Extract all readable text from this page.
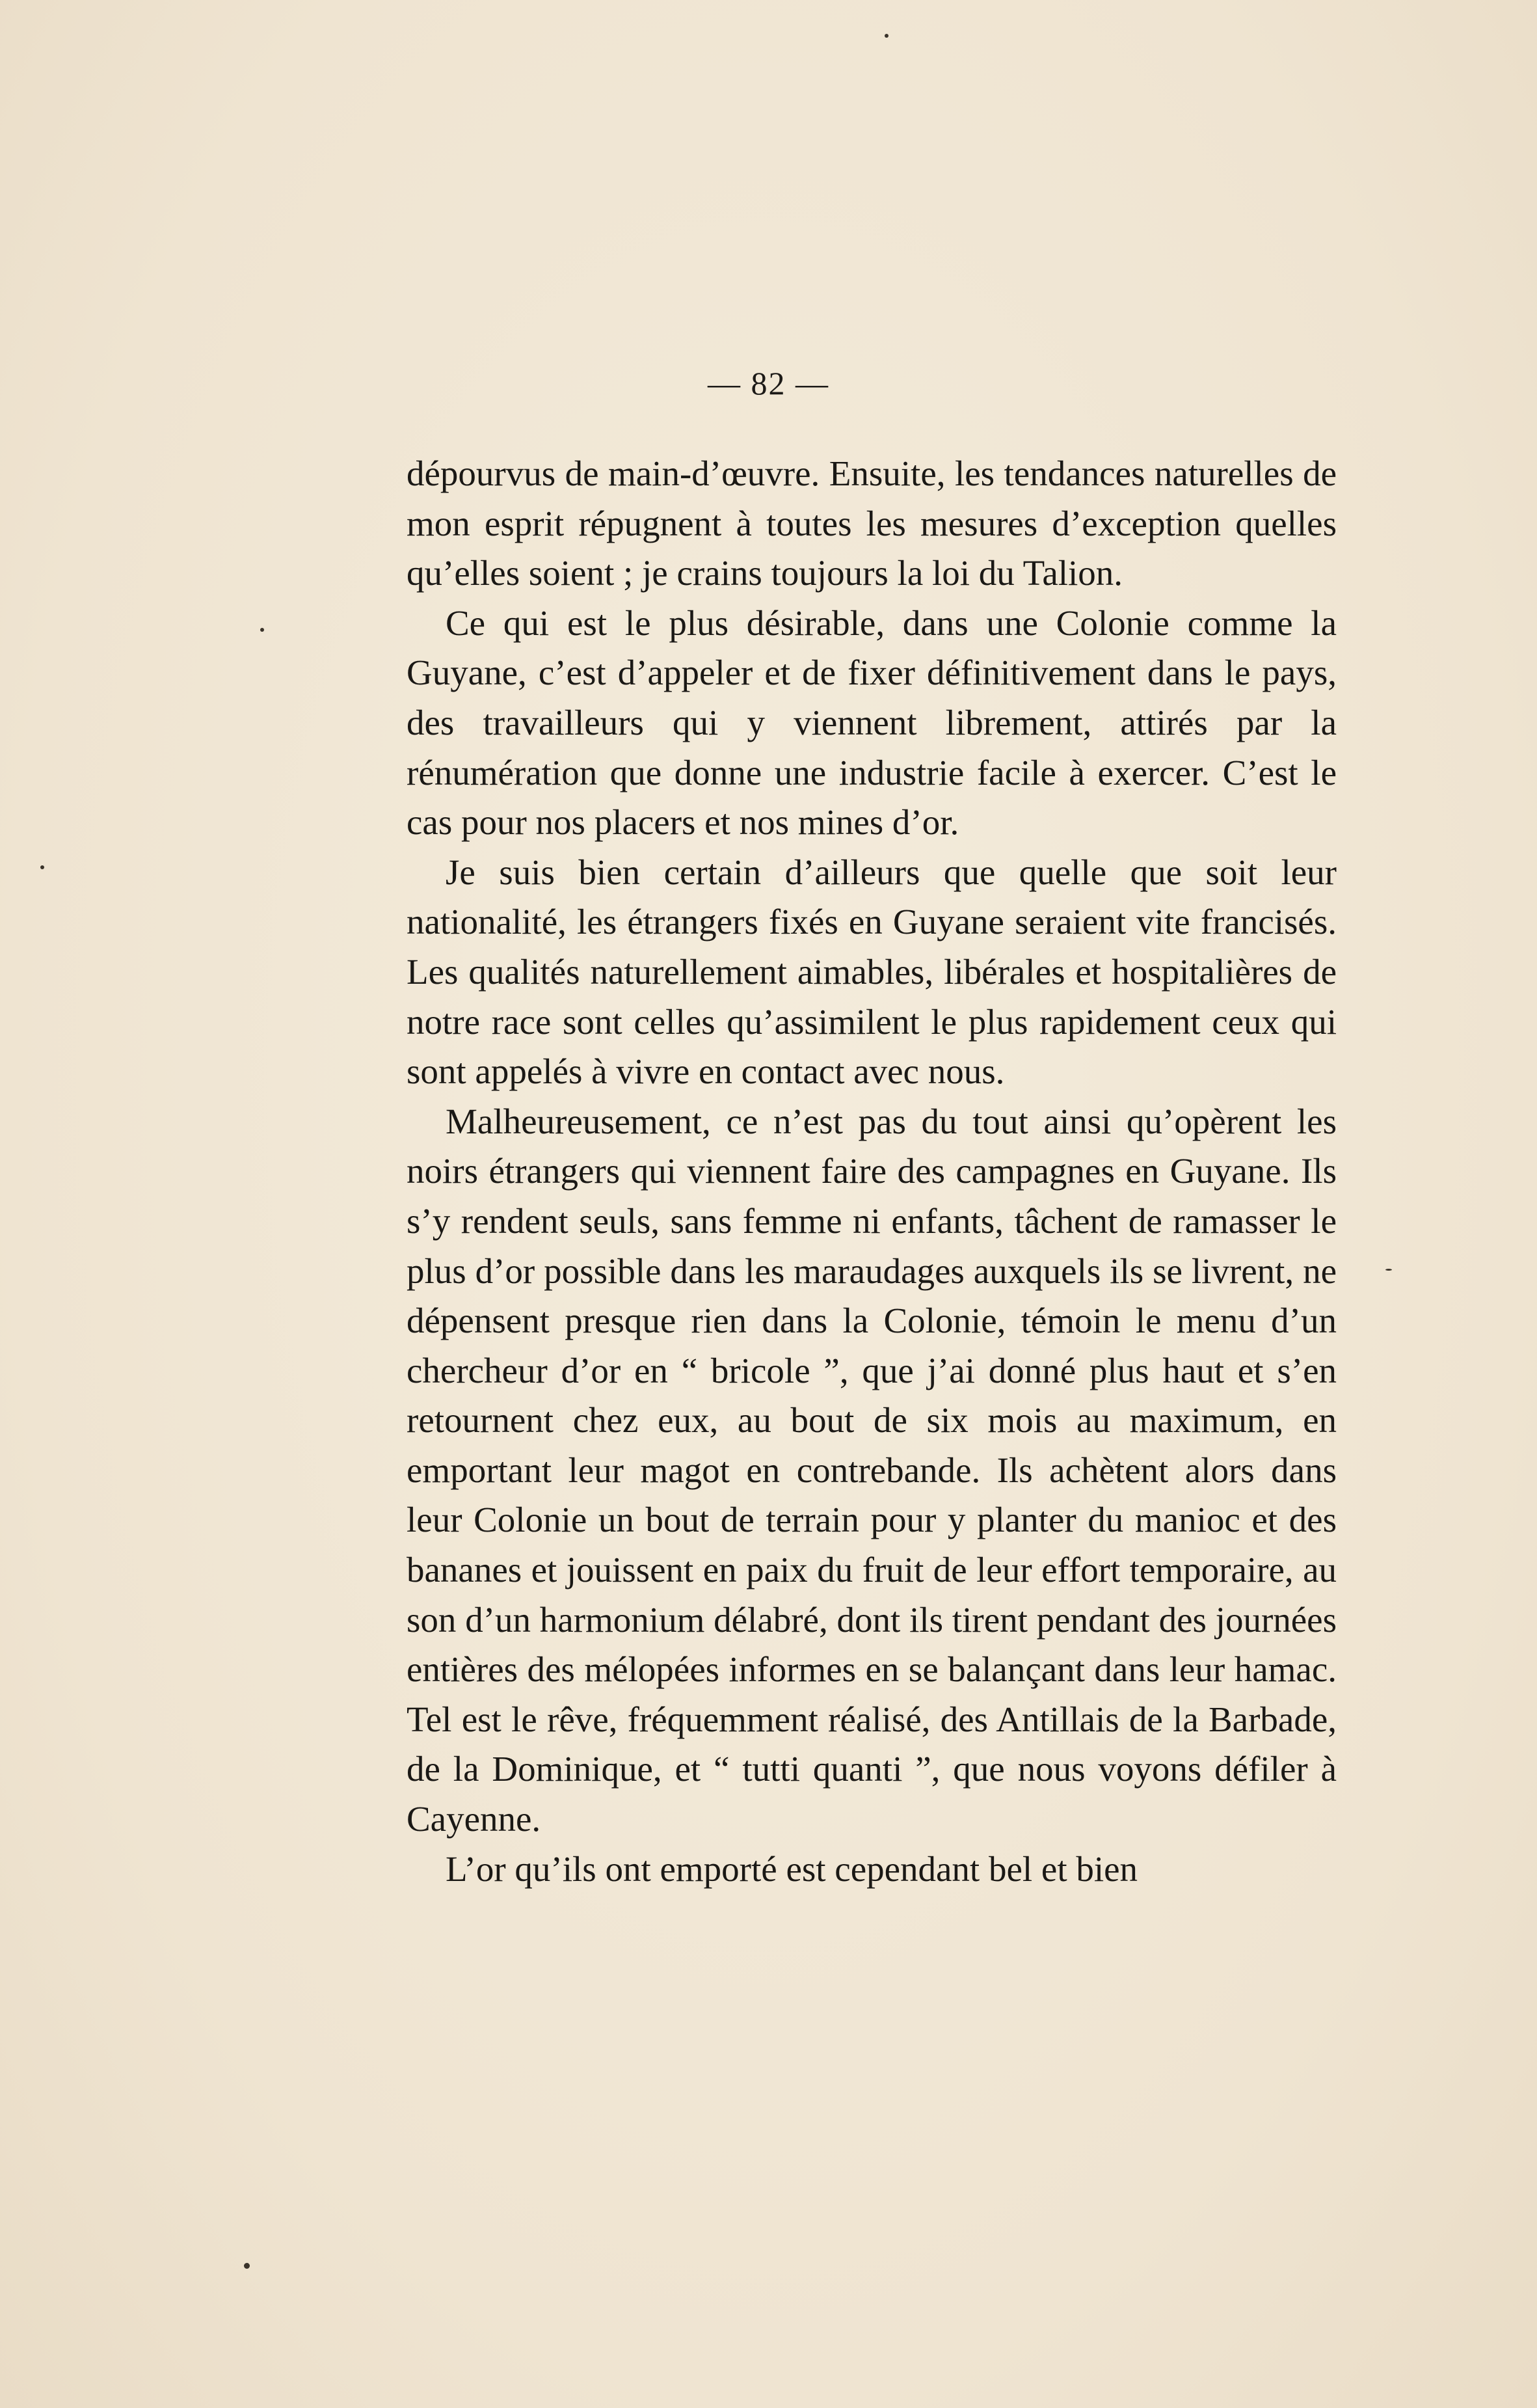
— 82 —

dépourvus de main-d’œuvre. Ensuite, les tendances naturelles de mon esprit répugnent à toutes les mesures d’exception quelles qu’elles soient ; je crains toujours la loi du Talion.

Ce qui est le plus désirable, dans une Colonie comme la Guyane, c’est d’appeler et de fixer définitivement dans le pays, des travailleurs qui y viennent librement, attirés par la rénumération que donne une industrie facile à exercer. C’est le cas pour nos placers et nos mines d’or.

Je suis bien certain d’ailleurs que quelle que soit leur nationalité, les étrangers fixés en Guyane seraient vite francisés. Les qualités naturellement aimables, libérales et hospitalières de notre race sont celles qu’assimilent le plus rapidement ceux qui sont appelés à vivre en contact avec nous.

Malheureusement, ce n’est pas du tout ainsi qu’opèrent les noirs étrangers qui viennent faire des campagnes en Guyane. Ils s’y rendent seuls, sans femme ni enfants, tâchent de ramasser le plus d’or possible dans les maraudages auxquels ils se livrent, ne dépensent presque rien dans la Colonie, témoin le menu d’un chercheur d’or en “ bricole ”, que j’ai donné plus haut et s’en retournent chez eux, au bout de six mois au maximum, en emportant leur magot en contrebande. Ils achètent alors dans leur Colonie un bout de terrain pour y planter du manioc et des bananes et jouissent en paix du fruit de leur effort temporaire, au son d’un harmonium délabré, dont ils tirent pendant des journées entières des mélopées informes en se balançant dans leur hamac. Tel est le rêve, fréquemment réalisé, des Antillais de la Barbade, de la Dominique, et “ tutti quanti ”, que nous voyons défiler à Cayenne.

L’or qu’ils ont emporté est cependant bel et bien
